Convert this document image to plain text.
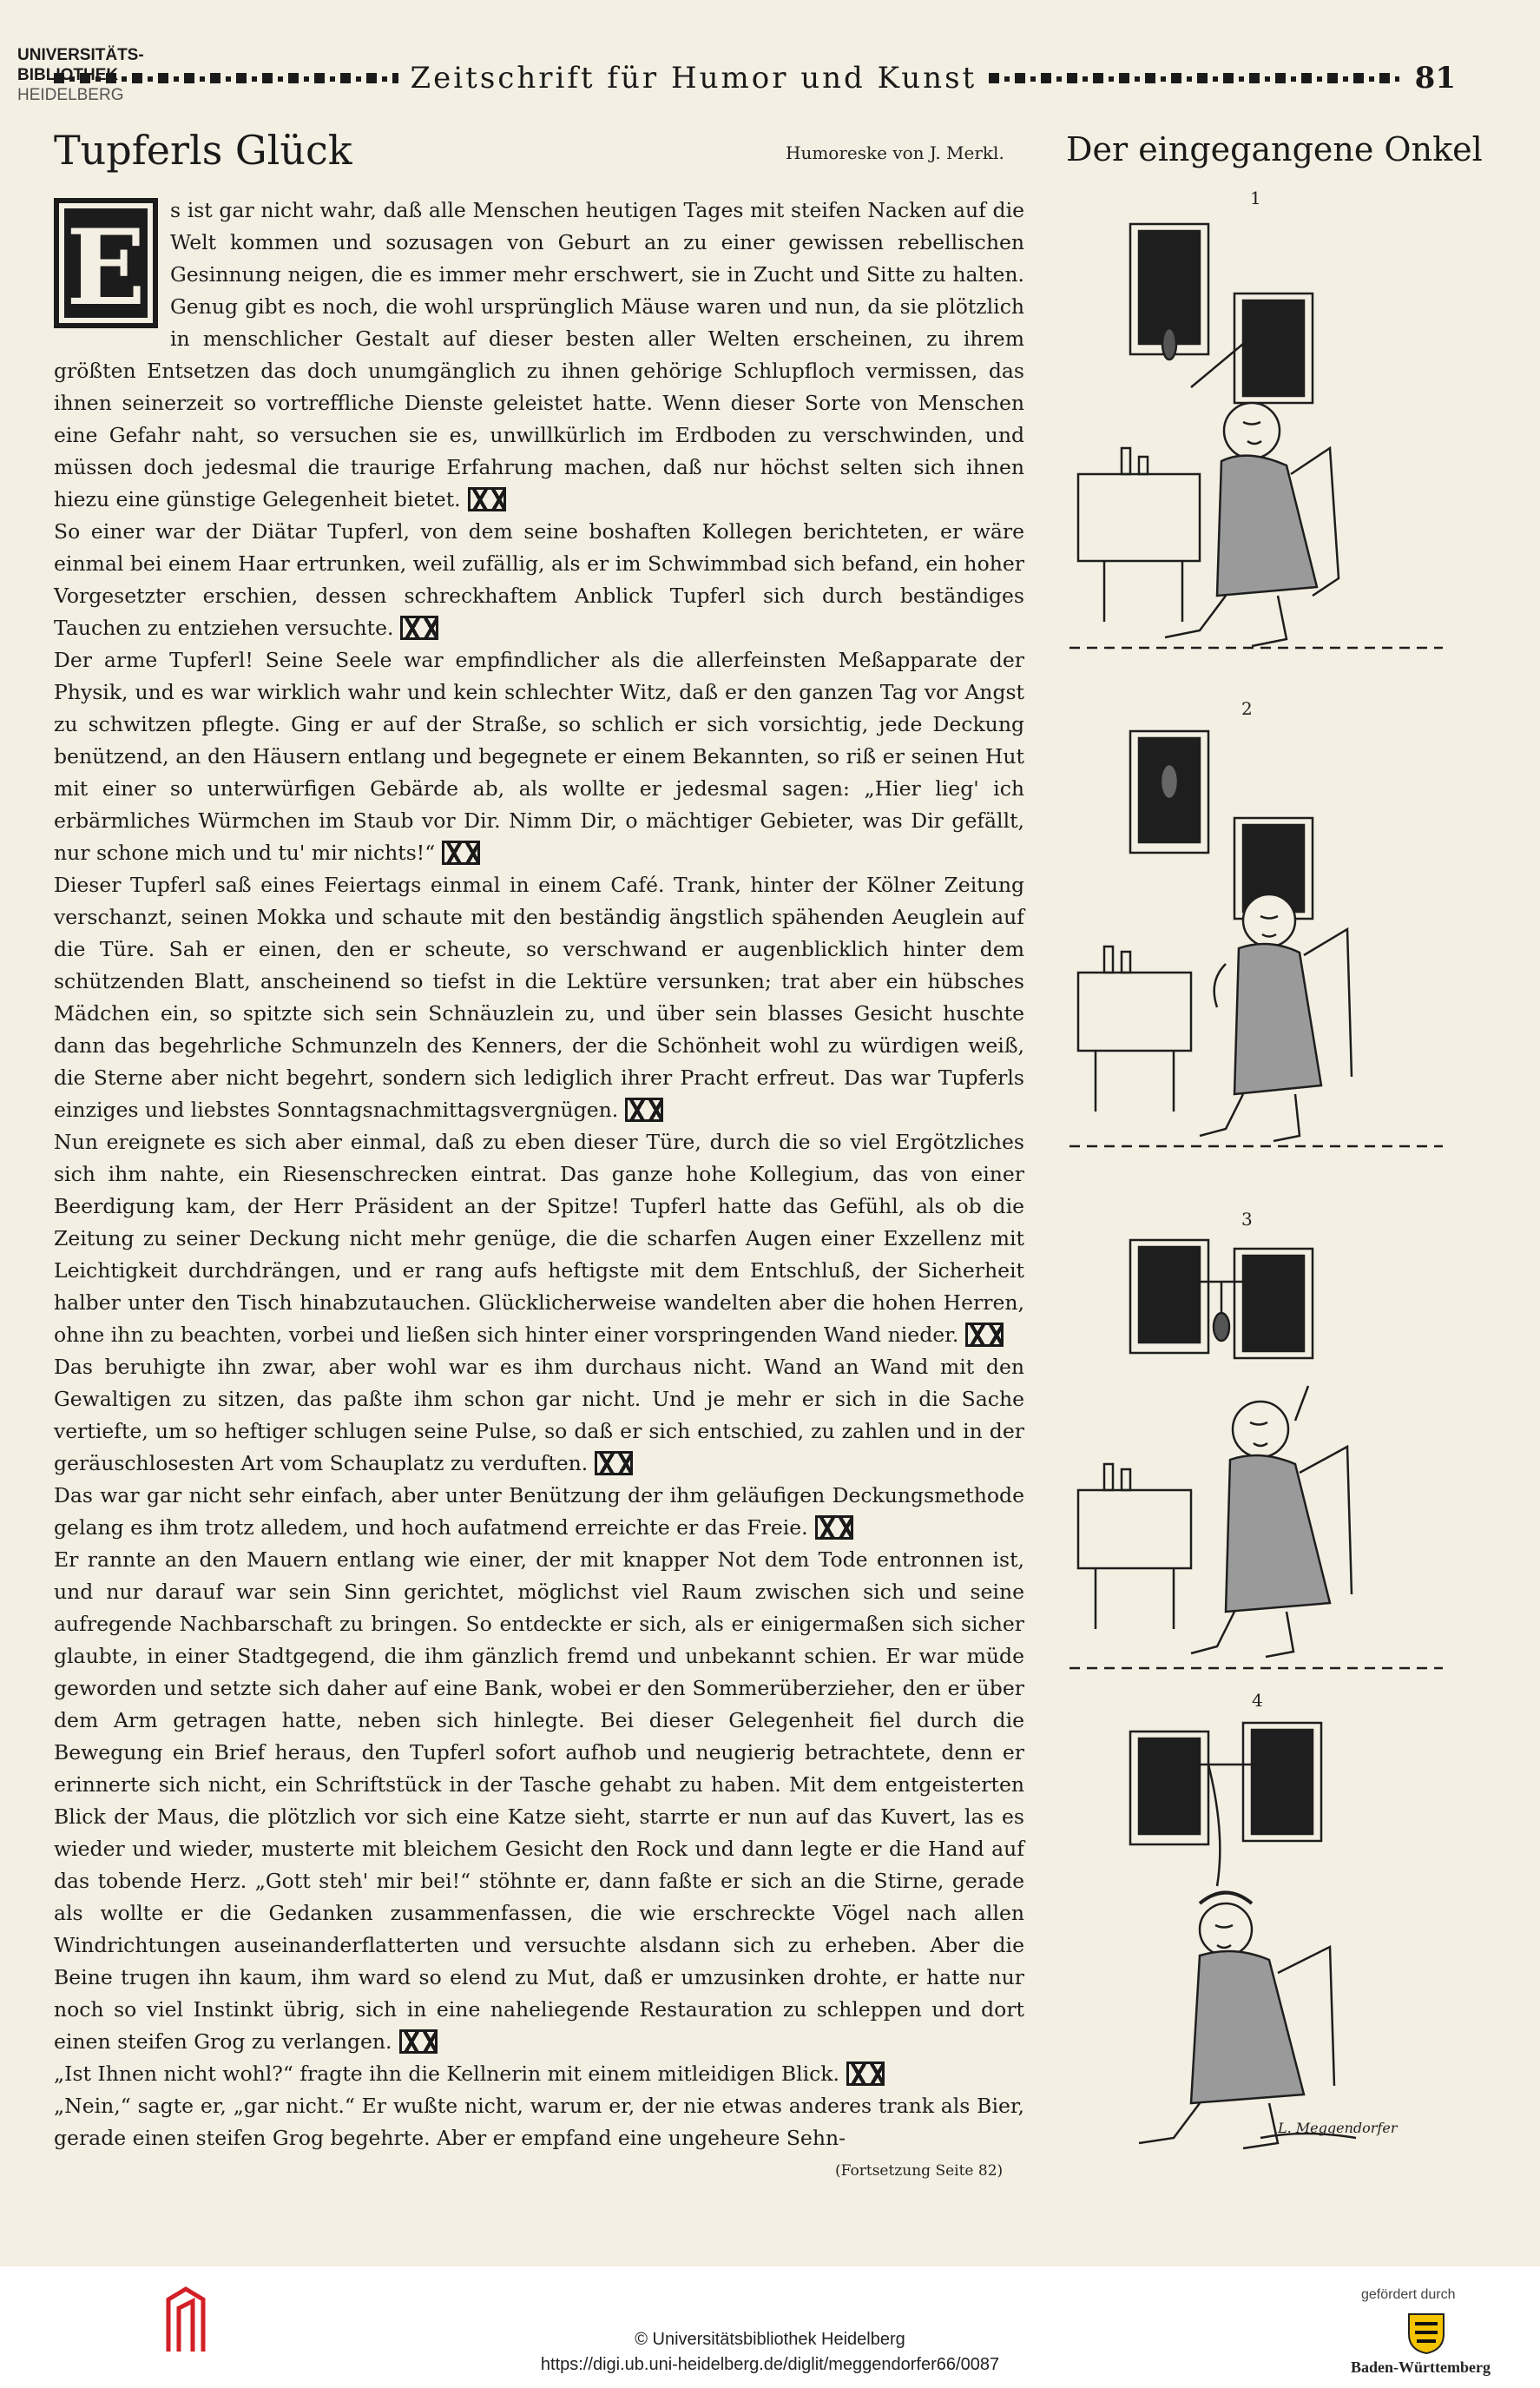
Zeitschrift für Humor und Kunst	81
Tupferls Glück	Humoreske von J. Merkl. Der eingegangene Onkel
E	s ist gar nicht wahr, daß alle Menschen heutigen Tages mit steifen Nacken auf die Welt kommen und sozusagen von Geburt an zu einer gewissen rebellischen Gesinnung neigen, die es immer mehr erschwert, sie in Zucht und Sitte zu halten. Genug gibt es noch, die wohl ursprünglich Mäuse waren und nun, da sie plötzlich in menschlicher Gestalt auf dieser besten aller Welten erscheinen, zu ihrem größten Entsetzen das doch unumgänglich zu ihnen gehörige Schlupfloch vermissen, das ihnen seinerzeit so vortreffliche Dienste geleistet hatte. Wenn dieser Sorte von Menschen eine Gefahr naht, so versuchen sie es, unwillkürlich im Erdboden zu verschwinden, und müssen doch jedesmal die traurige Erfahrung machen, daß nur höchst selten sich ihnen hiezu eine günstige Gelegenheit bietet.

So einer war der Diätar Tupferl, von dem seine boshaften Kollegen berichteten, er wäre einmal bei einem Haar ertrunken, weil zufällig, als er im Schwimmbad sich befand, ein hoher Vorgesetzter erschien, dessen schreckhaftem Anblick Tupferl sich durch beständiges Tauchen zu entziehen versuchte.

Der arme Tupferl! Seine Seele war empfindlicher als die allerfeinsten Meßapparate der Physik, und es war wirklich wahr und kein schlechter Witz, daß er den ganzen Tag vor Angst zu schwitzen pflegte. Ging er auf der Straße, so schlich er sich vorsichtig, jede Deckung benützend, an den Häusern entlang und begegnete er einem Bekannten, so riß er seinen Hut mit einer so unterwürfigen Gebärde ab, als wollte er jedesmal sagen: „Hier lieg' ich erbärmliches Würmchen im Staub vor Dir. Nimm Dir, o mächtiger Gebieter, was Dir gefällt, nur schone mich und tu' mir nichts!“

Dieser Tupferl saß eines Feiertags einmal in einem Café. Trank, hinter der Kölner Zeitung verschanzt, seinen Mokka und schaute mit den beständig ängstlich spähenden Aeuglein auf die Türe. Sah er einen, den er scheute, so verschwand er augenblicklich hinter dem schützenden Blatt, anscheinend so tiefst in die Lektüre versunken; trat aber ein hübsches Mädchen ein, so spitzte sich sein Schnäuzlein zu, und über sein blasses Gesicht huschte dann das begehrliche Schmunzeln des Kenners, der die Schönheit wohl zu würdigen weiß, die Sterne aber nicht begehrt, sondern sich lediglich ihrer Pracht erfreut. Das war Tupferls einziges und liebstes Sonntagsnachmittagsvergnügen.

Nun ereignete es sich aber einmal, daß zu eben dieser Türe, durch die so viel Ergötzliches sich ihm nahte, ein Riesenschrecken eintrat. Das ganze hohe Kollegium, das von einer Beerdigung kam, der Herr Präsident an der Spitze! Tupferl hatte das Gefühl, als ob die Zeitung zu seiner Deckung nicht mehr genüge, die die scharfen Augen einer Exzellenz mit Leichtigkeit durchdrängen, und er rang aufs heftigste mit dem Entschluß, der Sicherheit halber unter den Tisch hinabzutauchen. Glücklicherweise wandelten aber die hohen Herren, ohne ihn zu beachten, vorbei und ließen sich hinter einer vorspringenden Wand nieder.

Das beruhigte ihn zwar, aber wohl war es ihm durchaus nicht. Wand an Wand mit den Gewaltigen zu sitzen, das paßte ihm schon gar nicht. Und je mehr er sich in die Sache vertiefte, um so heftiger schlugen seine Pulse, so daß er sich entschied, zu zahlen und in der geräuschlosesten Art vom Schauplatz zu verduften.

Das war gar nicht sehr einfach, aber unter Benützung der ihm geläufigen Deckungsmethode gelang es ihm trotz alledem, und hoch aufatmend erreichte er das Freie.

Er rannte an den Mauern entlang wie einer, der mit knapper Not dem Tode entronnen ist, und nur darauf war sein Sinn gerichtet, möglichst viel Raum zwischen sich und seine aufregende Nachbarschaft zu bringen. So entdeckte er sich, als er einigermaßen sich sicher glaubte, in einer Stadtgegend, die ihm gänzlich fremd und unbekannt schien. Er war müde geworden und setzte sich daher auf eine Bank, wobei er den Sommerüberzieher, den er über dem Arm getragen hatte, neben sich hinlegte. Bei dieser Gelegenheit fiel durch die Bewegung ein Brief heraus, den Tupferl sofort aufhob und neugierig betrachtete, denn er erinnerte sich nicht, ein Schriftstück in der Tasche gehabt zu haben. Mit dem entgeisterten Blick der Maus, die plötzlich vor sich eine Katze sieht, starrte er nun auf das Kuvert, las es wieder und wieder, musterte mit bleichem Gesicht den Rock und dann legte er die Hand auf das tobende Herz. „Gott steh' mir bei!“ stöhnte er, dann faßte er sich an die Stirne, gerade als wollte er die Gedanken zusammenfassen, die wie erschreckte Vögel nach allen Windrichtungen auseinanderflatterten und versuchte alsdann sich zu erheben. Aber die Beine trugen ihn kaum, ihm ward so elend zu Mut, daß er umzusinken drohte, er hatte nur noch so viel Instinkt übrig, sich in eine naheliegende Restauration zu schleppen und dort einen steifen Grog zu verlangen.

„Ist Ihnen nicht wohl?“ fragte ihn die Kellnerin mit einem mitleidigen Blick.

„Nein,“ sagte er, „gar nicht.“ Er wußte nicht, warum er, der nie etwas anderes trank als Bier, gerade einen steifen Grog begehrte. Aber er empfand eine ungeheure Sehn-

(Fortsetzung Seite 82)
1
2
3
4
L. Meggendorfer
UNIVERSITÄTS-
BIBLIOTHEK
HEIDELBERG
© Universitätsbibliothek Heidelberg
https://digi.ub.uni-heidelberg.de/diglit/meggendorfer66/0087
gefördert durch
Baden-Württemberg
